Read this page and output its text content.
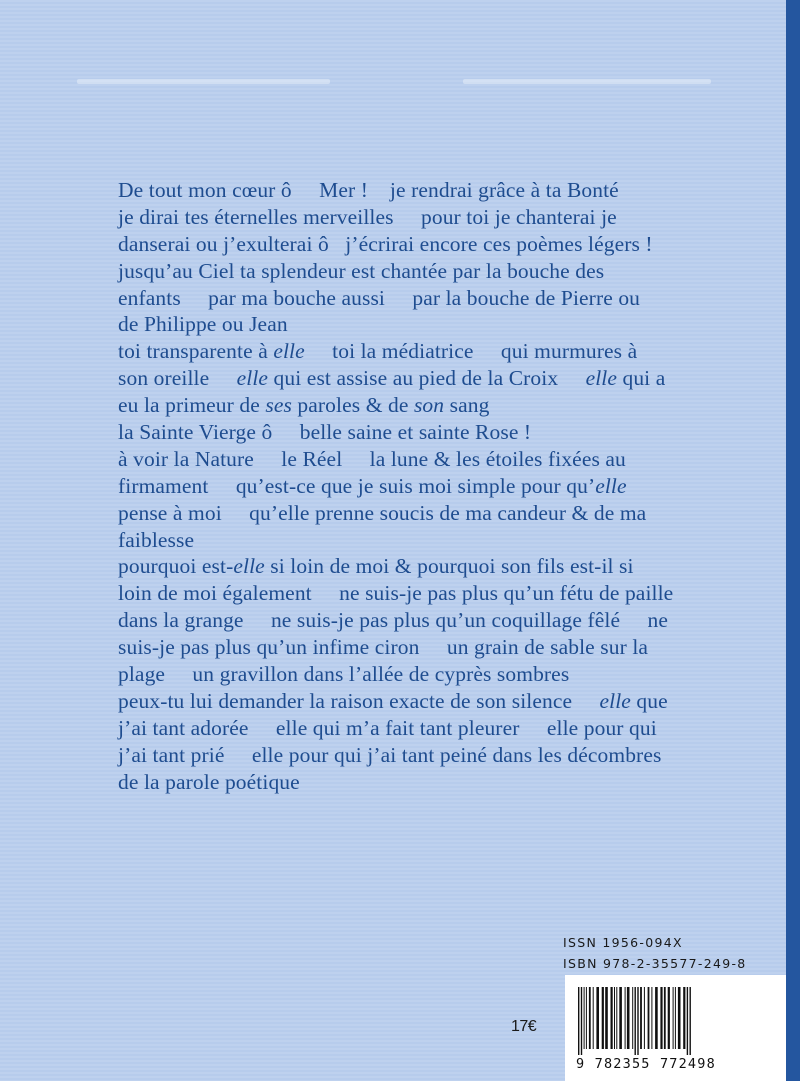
De tout mon cœur ô     Mer !    je rendrai grâce à ta Bonté
je dirai tes éternelles merveilles     pour toi je chanterai je
danserai ou j’exulterai ô   j’écrirai encore ces poèmes légers !
jusqu’au Ciel ta splendeur est chantée par la bouche des
enfants     par ma bouche aussi     par la bouche de Pierre ou
de Philippe ou Jean
toi transparente à elle     toi la médiatrice     qui murmures à
son oreille     elle qui est assise au pied de la Croix     elle qui a
eu la primeur de ses paroles & de son sang
la Sainte Vierge ô     belle saine et sainte Rose !
à voir la Nature     le Réel     la lune & les étoiles fixées au
firmament     qu’est-ce que je suis moi simple pour qu’elle
pense à moi     qu’elle prenne soucis de ma candeur & de ma
faiblesse
pourquoi est-elle si loin de moi & pourquoi son fils est-il si
loin de moi également     ne suis-je pas plus qu’un fétu de paille
dans la grange     ne suis-je pas plus qu’un coquillage fêlé     ne
suis-je pas plus qu’un infime ciron     un grain de sable sur la
plage     un gravillon dans l’allée de cyprès sombres
peux-tu lui demander la raison exacte de son silence     elle que
j’ai tant adorée     elle qui m’a fait tant pleurer     elle pour qui
j’ai tant prié     elle pour qui j’ai tant peiné dans les décombres
de la parole poétique
ISSN 1956-094X
ISBN 978-2-35577-249-8
9 782355 772498
17€
